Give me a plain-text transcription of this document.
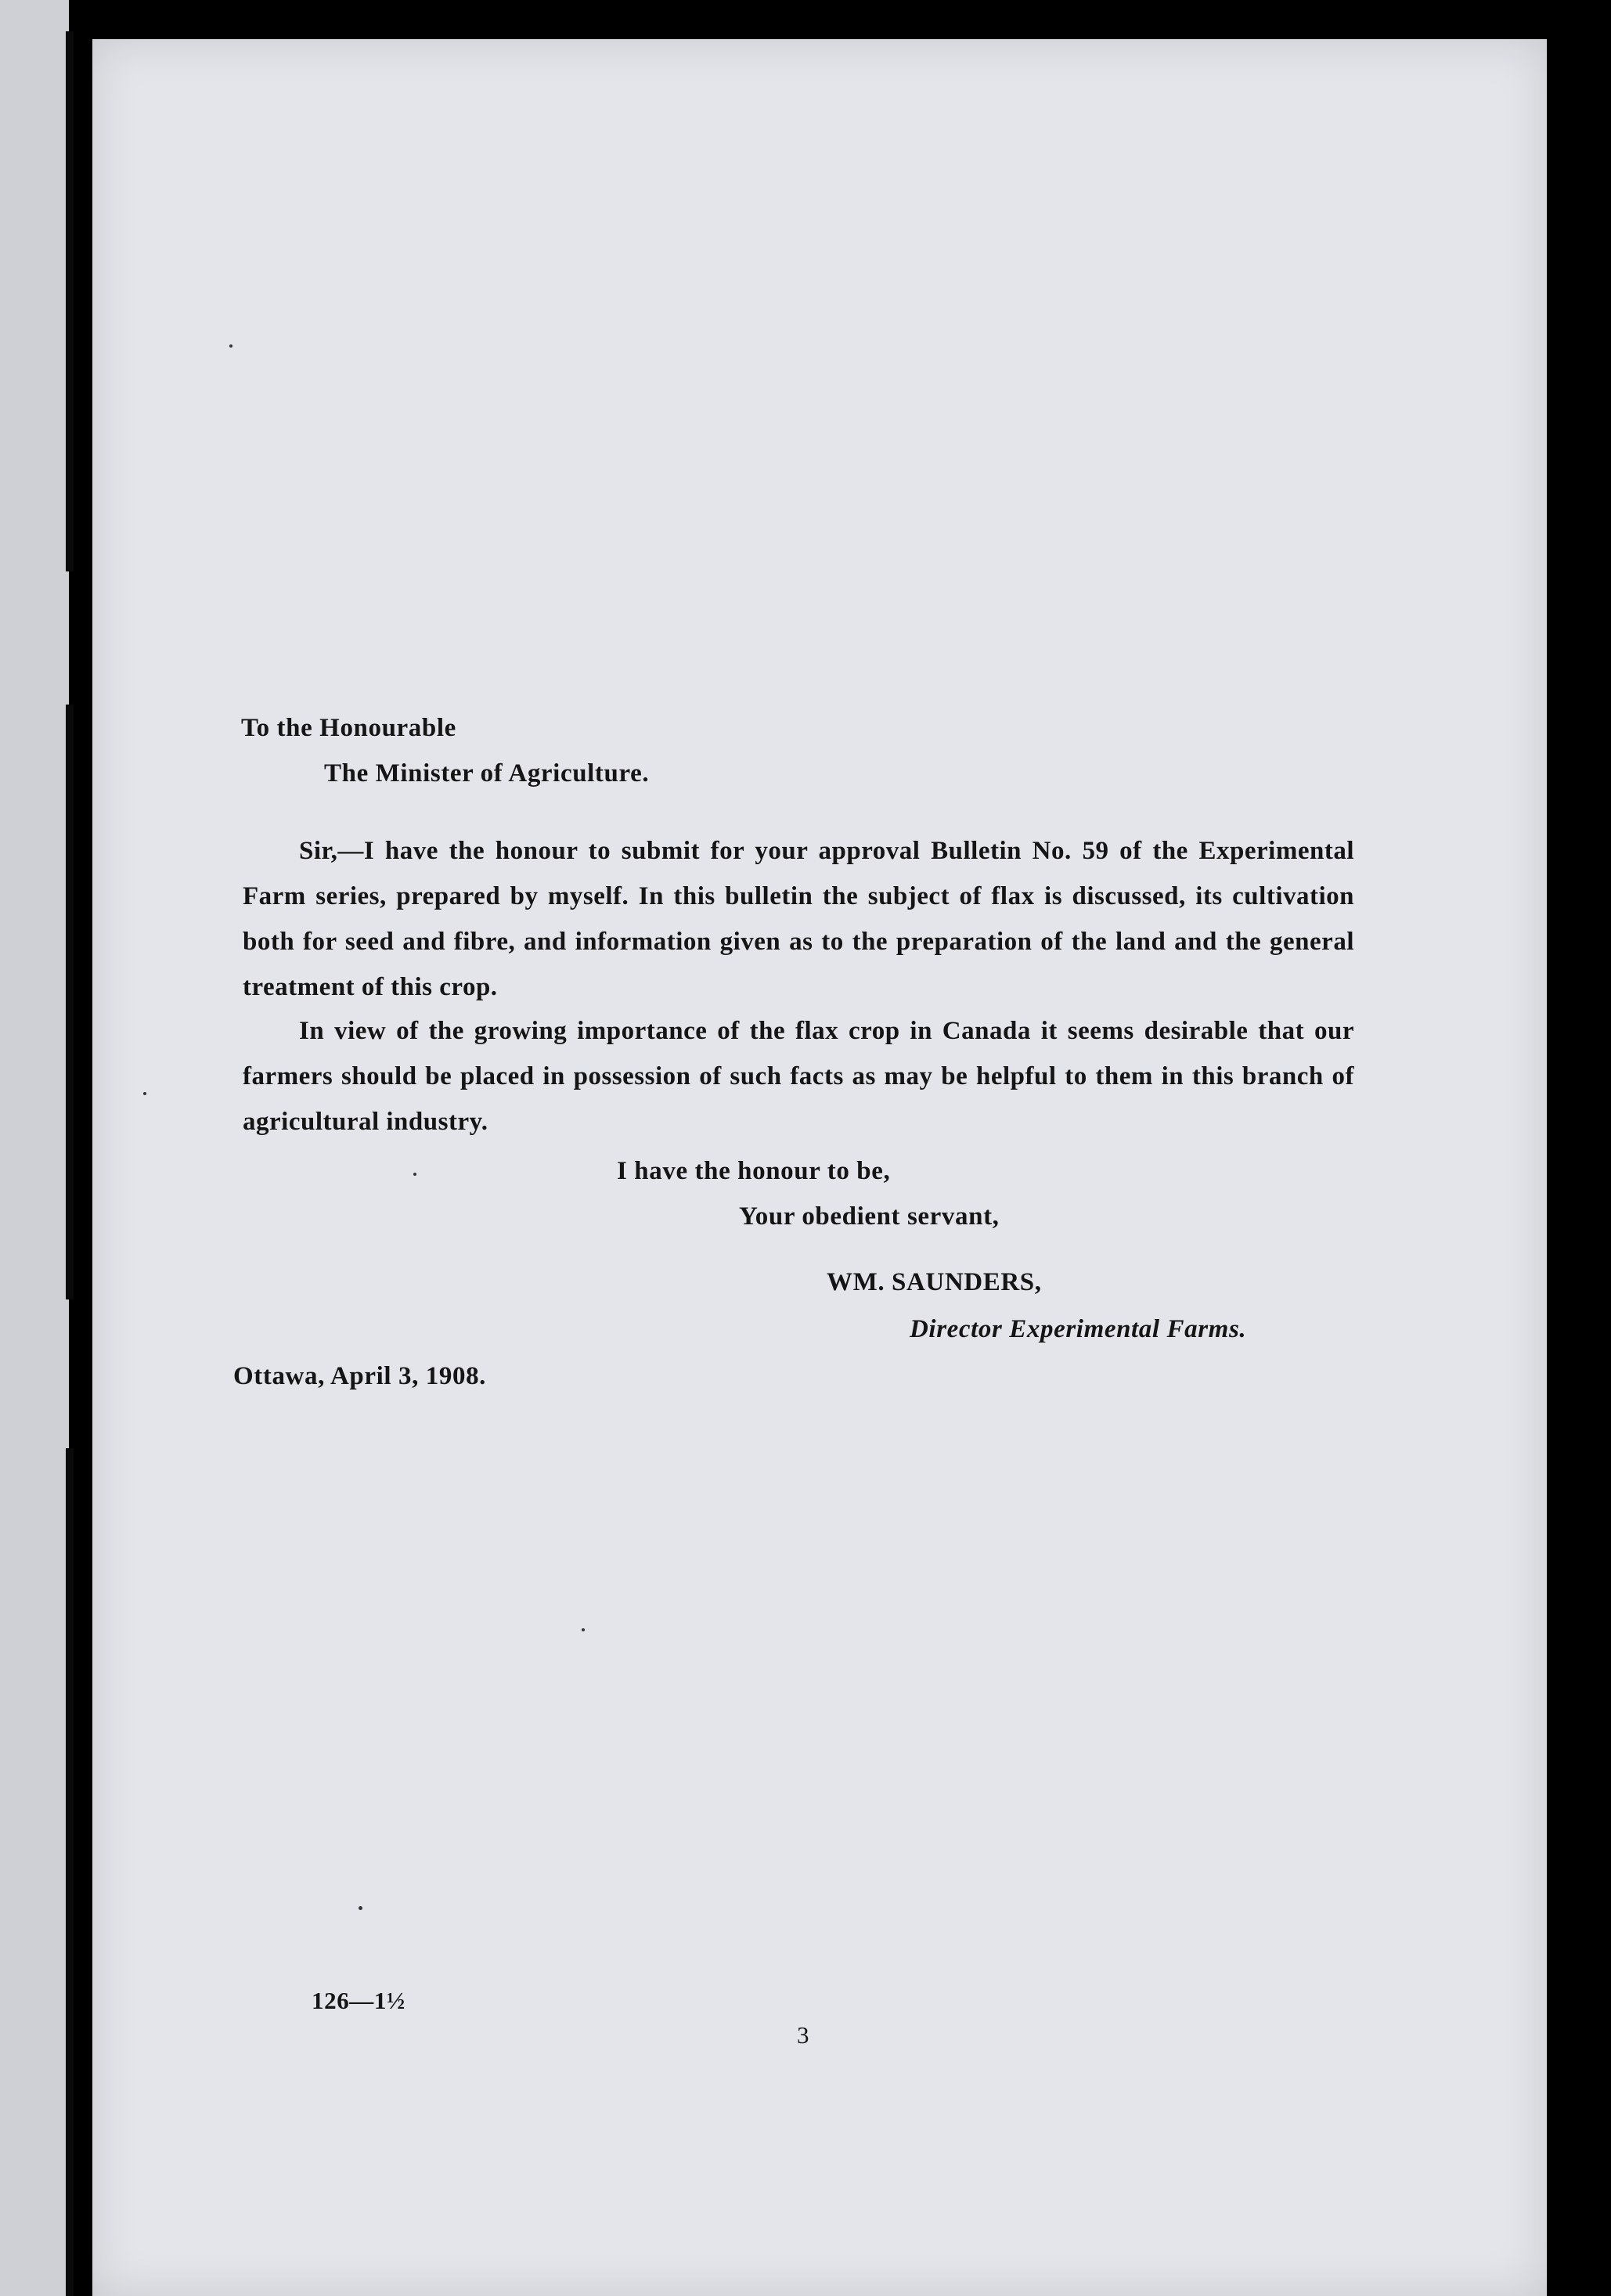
To the Honourable
The Minister of Agriculture.
Sir,—I have the honour to submit for your approval Bulletin No. 59 of the Experimental Farm series, prepared by myself. In this bulletin the subject of flax is discussed, its cultivation both for seed and fibre, and information given as to the preparation of the land and the general treatment of this crop.
In view of the growing importance of the flax crop in Canada it seems desirable that our farmers should be placed in possession of such facts as may be helpful to them in this branch of agricultural industry.
I have the honour to be,
Your obedient servant,
WM. SAUNDERS,
Director Experimental Farms.
Ottawa, April 3, 1908.
126—1½
3
